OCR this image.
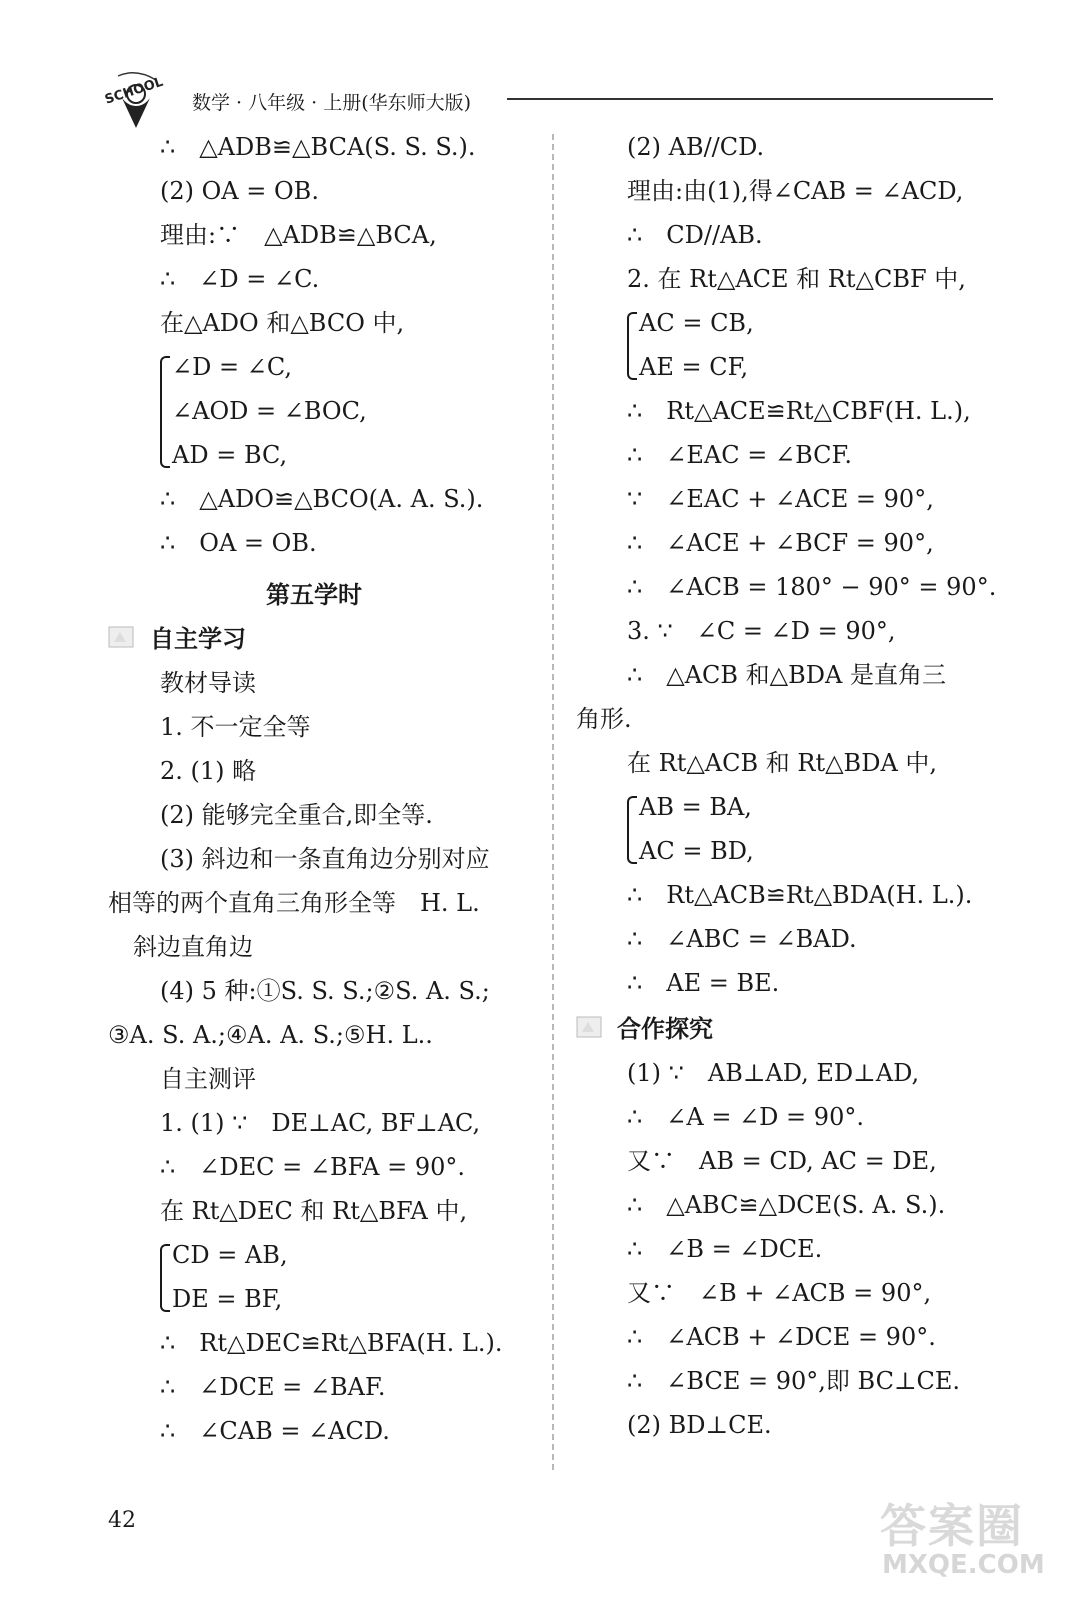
SCHOOL 数学 · 八年级 · 上册(华东师大版)
∴　△ADB≌△BCA(S. S. S.).
(2) OA = OB.
理由:∵　△ADB≌△BCA,
∴　∠D = ∠C.
在△ADO 和△BCO 中,
∠D = ∠C,
∠AOD = ∠BOC,
AD = BC,
∴　△ADO≌△BCO(A. A. S.).
∴　OA = OB.
第五学时
自主学习
教材导读
1. 不一定全等
2. (1) 略
(2) 能够完全重合,即全等.
(3) 斜边和一条直角边分别对应
相等的两个直角三角形全等　H. L.
斜边直角边
(4) 5 种:①S. S. S.;②S. A. S.;
③A. S. A.;④A. A. S.;⑤H. L..
自主测评
1. (1) ∵　DE⊥AC, BF⊥AC,
∴　∠DEC = ∠BFA = 90°.
在 Rt△DEC 和 Rt△BFA 中,
CD = AB,
DE = BF,
∴　Rt△DEC≌Rt△BFA(H. L.).
∴　∠DCE = ∠BAF.
∴　∠CAB = ∠ACD.
(2) AB//CD.
理由:由(1),得∠CAB = ∠ACD,
∴　CD//AB.
2. 在 Rt△ACE 和 Rt△CBF 中,
AC = CB,
AE = CF,
∴　Rt△ACE≌Rt△CBF(H. L.),
∴　∠EAC = ∠BCF.
∵　∠EAC + ∠ACE = 90°,
∴　∠ACE + ∠BCF = 90°,
∴　∠ACB = 180° − 90° = 90°.
3. ∵　∠C = ∠D = 90°,
∴　△ACB 和△BDA 是直角三
角形.
在 Rt△ACB 和 Rt△BDA 中,
AB = BA,
AC = BD,
∴　Rt△ACB≌Rt△BDA(H. L.).
∴　∠ABC = ∠BAD.
∴　AE = BE.
合作探究
(1) ∵　AB⊥AD, ED⊥AD,
∴　∠A = ∠D = 90°.
又∵　AB = CD, AC = DE,
∴　△ABC≌△DCE(S. A. S.).
∴　∠B = ∠DCE.
又∵　∠B + ∠ACB = 90°,
∴　∠ACB + ∠DCE = 90°.
∴　∠BCE = 90°,即 BC⊥CE.
(2) BD⊥CE.
42	答案圈
MXQE.COM
